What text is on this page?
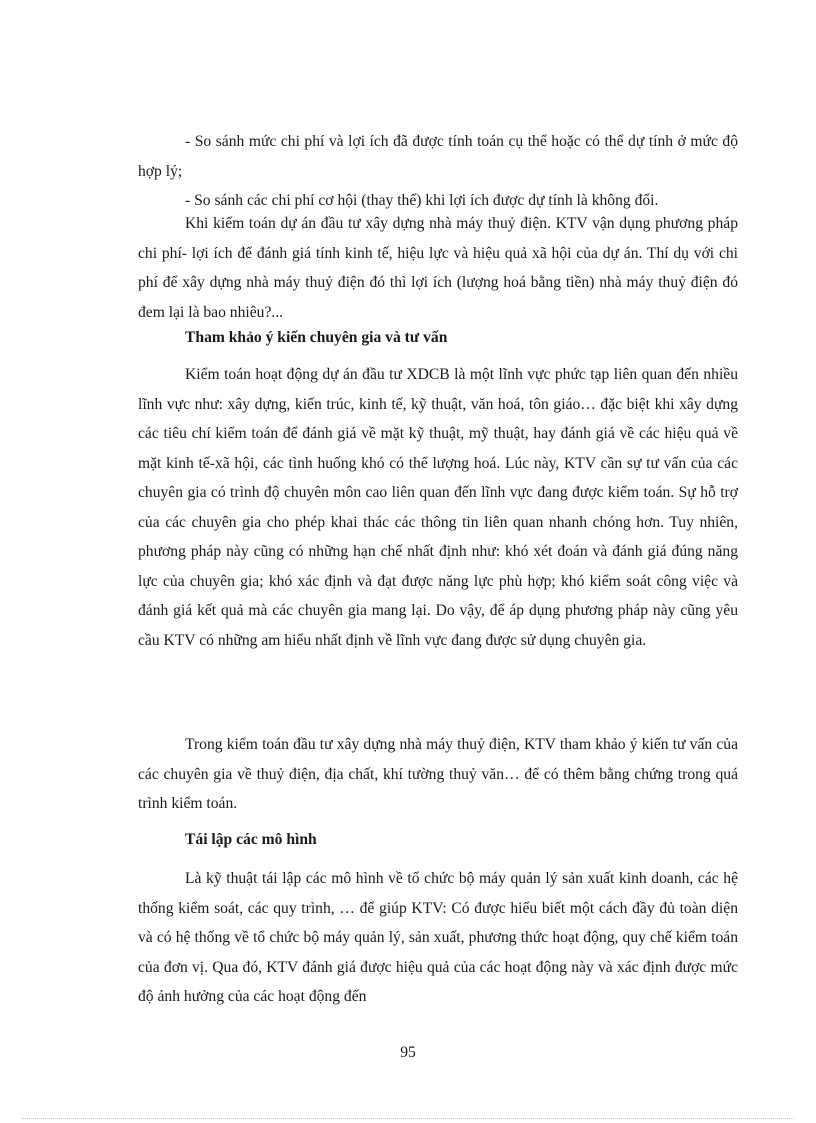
- So sánh mức chi phí và lợi ích đã được tính toán cụ thể hoặc có thể dự tính ở mức độ hợp lý;

- So sánh các chi phí cơ hội (thay thế) khi lợi ích được dự tính là không đổi.

Khi kiểm toán dự án đầu tư xây dựng nhà máy thuỷ điện. KTV vận dụng phương pháp chi phí- lợi ích để đánh giá tính kinh tế, hiệu lực và hiệu quả xã hội của dự án. Thí dụ với chi phí để xây dựng nhà máy thuỷ điện đó thì lợi ích (lượng hoá bằng tiền) nhà máy thuỷ điện đó đem lại là bao nhiêu?...

Tham khảo ý kiến chuyên gia và tư vấn

Kiểm toán hoạt động dự án đầu tư XDCB là một lĩnh vực phức tạp liên quan đến nhiều lĩnh vực như: xây dựng, kiến trúc, kinh tế, kỹ thuật, văn hoá, tôn giáo… đặc biệt khi xây dựng các tiêu chí kiểm toán để đánh giá về mặt kỹ thuật, mỹ thuật, hay đánh giá về các hiệu quả về mặt kinh tế-xã hội, các tình huống khó có thể lượng hoá. Lúc này, KTV cần sự tư vấn của các chuyên gia có trình độ chuyên môn cao liên quan đến lĩnh vực đang được kiểm toán. Sự hỗ trợ của các chuyên gia cho phép khai thác các thông tin liên quan nhanh chóng hơn. Tuy nhiên, phương pháp này cũng có những hạn chế nhất định như: khó xét đoán và đánh giá đúng năng lực của chuyên gia; khó xác định và đạt được năng lực phù hợp; khó kiểm soát công việc và đánh giá kết quả mà các chuyên gia mang lại. Do vậy, để áp dụng phương pháp này cũng yêu cầu KTV có những am hiểu nhất định về lĩnh vực đang được sử dụng chuyên gia.

Trong kiểm toán đầu tư xây dựng nhà máy thuỷ điện, KTV tham khảo ý kiến tư vấn của các chuyên gia về thuỷ điện, địa chất, khí tường thuỷ văn… để có thêm bằng chứng trong quá trình kiểm toán.

Tái lập các mô hình

Là kỹ thuật tái lập các mô hình về tổ chức bộ máy quản lý sản xuất kinh doanh, các hệ thống kiểm soát, các quy trình, … để giúp KTV: Có được hiểu biết một cách đầy đủ toàn diện và có hệ thống về tổ chức bộ máy quản lý, sản xuất, phương thức hoạt động, quy chế kiểm toán của đơn vị. Qua đó, KTV đánh giá được hiệu quả của các hoạt động này và xác định được mức độ ảnh hưởng của các hoạt động đến

95
